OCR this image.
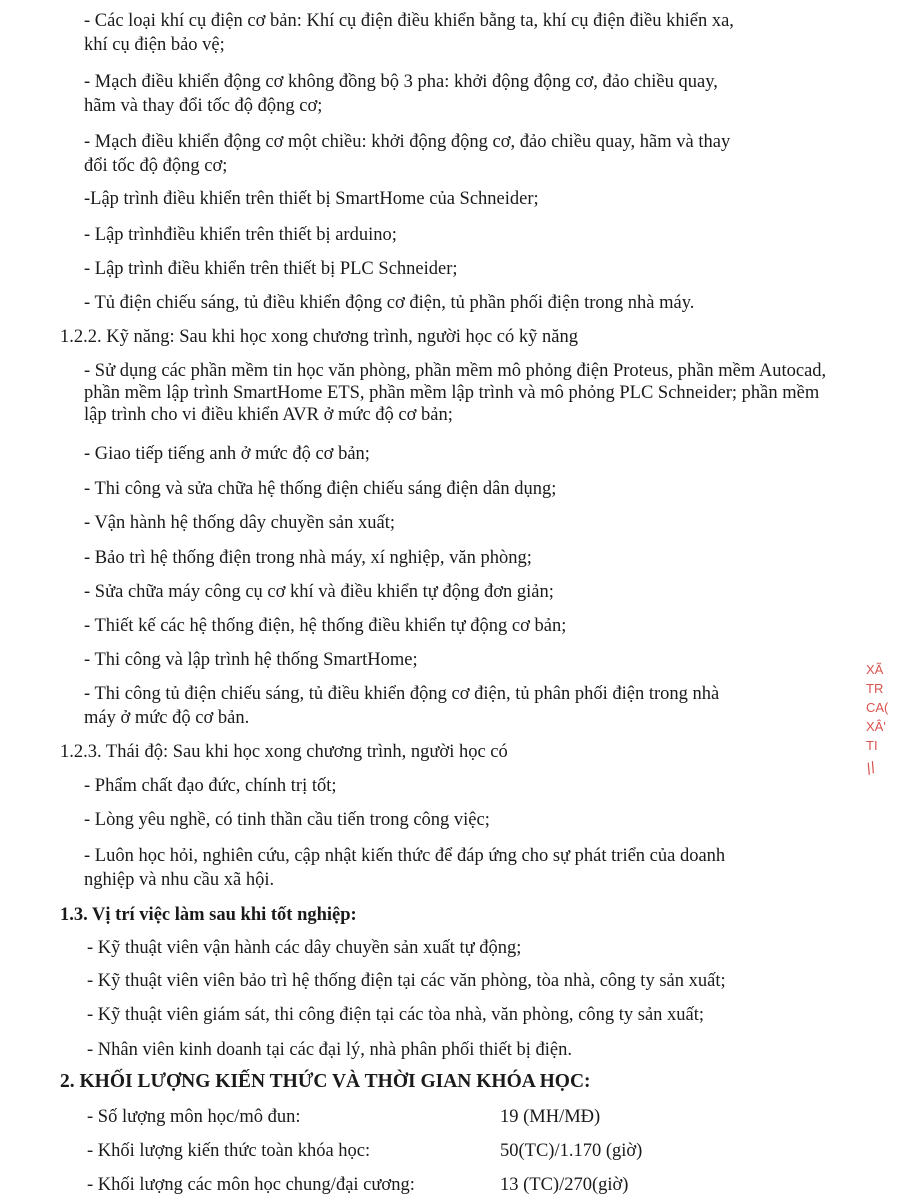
- Các loại khí cụ điện cơ bản: Khí cụ điện điều khiển bằng ta, khí cụ điện điều khiển xa,
khí cụ điện bảo vệ;
- Mạch điều khiển động cơ không đồng bộ 3 pha: khởi động động cơ, đảo chiều quay,
hãm và thay đổi tốc độ động cơ;
- Mạch điều khiển động cơ một chiều: khởi động động cơ, đảo chiều quay, hãm và thay
đổi tốc độ động cơ;
-Lập trình điều khiển trên thiết bị SmartHome của Schneider;
- Lập trìnhđiều khiển trên thiết bị arduino;
- Lập trình điều khiển trên thiết bị PLC Schneider;
- Tủ điện chiếu sáng, tủ điều khiển động cơ điện, tủ phần phối điện trong nhà máy.
1.2.2. Kỹ năng: Sau khi học xong chương trình, người học có kỹ năng
- Sử dụng các phần mềm tin học văn phòng, phần mềm mô phỏng điện Proteus, phần mềm Autocad, phần mềm lập trình SmartHome ETS, phần mềm lập trình và mô phỏng PLC Schneider; phần mềm lập trình cho vi điều khiển AVR ở mức độ cơ bản;
- Giao tiếp tiếng anh ở mức độ cơ bản;
- Thi công và sửa chữa hệ thống điện chiếu sáng điện dân dụng;
- Vận hành hệ thống dây chuyền sản xuất;
- Bảo trì hệ thống điện trong nhà máy, xí nghiệp, văn phòng;
- Sửa chữa máy công cụ cơ khí và điều khiển tự động đơn giản;
- Thiết kế các hệ thống điện, hệ thống điều khiển tự động cơ bản;
- Thi công và lập trình hệ thống SmartHome;
- Thi công tủ điện chiếu sáng, tủ điều khiển động cơ điện, tủ phân phối điện trong nhà
máy ở mức độ cơ bản.
1.2.3. Thái độ: Sau khi học xong chương trình, người học có
- Phẩm chất đạo đức, chính trị tốt;
- Lòng yêu nghề, có tinh thần cầu tiến trong công việc;
- Luôn học hỏi, nghiên cứu, cập nhật kiến thức để đáp ứng cho sự phát triển của doanh
nghiệp và nhu cầu xã hội.
1.3. Vị trí việc làm sau khi tốt nghiệp:
- Kỹ thuật viên vận hành các dây chuyền sản xuất tự động;
- Kỹ thuật viên viên bảo trì hệ thống điện tại các văn phòng, tòa nhà, công ty sản xuất;
- Kỹ thuật viên giám sát, thi công điện tại các tòa nhà, văn phòng, công ty sản xuất;
- Nhân viên kinh doanh tại các đại lý, nhà phân phối thiết bị điện.
2. KHỐI LƯỢNG KIẾN THỨC VÀ THỜI GIAN KHÓA HỌC:
- Số lượng môn học/mô đun:	19 (MH/MĐ)
- Khối lượng kiến thức toàn khóa học:	50(TC)/1.170 (giờ)
- Khối lượng các môn học chung/đại cương:	13 (TC)/270(giờ)
XÃ
TR
CA(
XÂ'
TI
//
